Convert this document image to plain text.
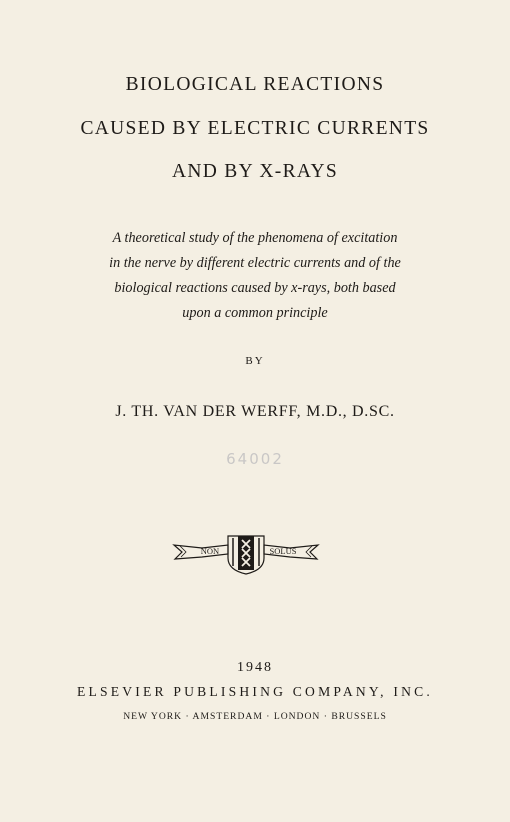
BIOLOGICAL REACTIONS
CAUSED BY ELECTRIC CURRENTS
AND BY X-RAYS
A theoretical study of the phenomena of excitation
in the nerve by different electric currents and of the
biological reactions caused by x-rays, both based
upon a common principle
BY
J. TH. VAN DER WERFF, M.D., D.SC.
64002
NON	SOLUS
1948
ELSEVIER PUBLISHING COMPANY, INC.
NEW YORK · AMSTERDAM · LONDON · BRUSSELS
